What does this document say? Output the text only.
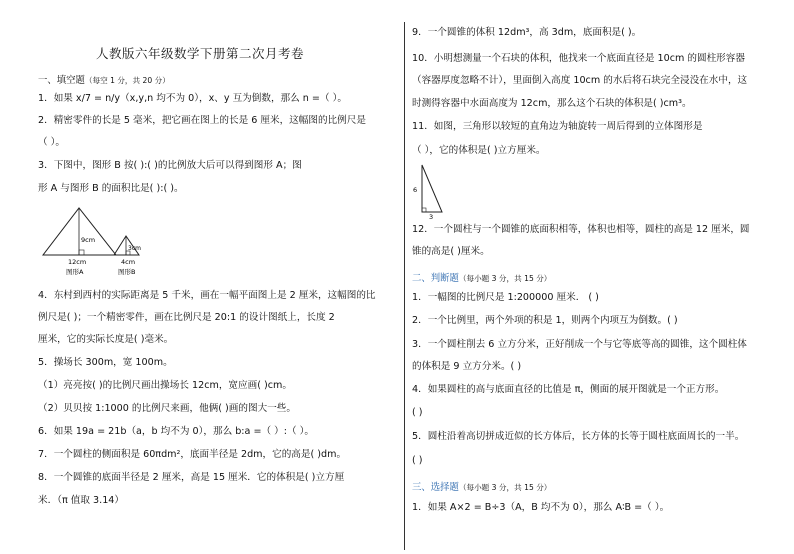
人教版六年级数学下册第二次月考卷
一、填空题（每空 1 分，共 20 分）
1．如果 x/7 = n/y（x,y,n 均不为 0），x、y 互为倒数，那么 n =（ ）。
2．精密零件的长是 5 毫米，把它画在图上的长是 6 厘米，这幅图的比例尺是
（ ）。
3．下图中，图形 B 按( ):( )的比例放大后可以得到图形 A；图
形 A 与图形 B 的面积比是( ):( )。
9cm
12cm
图形A
3cm
4cm
图形B
4．东村到西村的实际距离是 5 千米，画在一幅平面图上是 2 厘米，这幅图的比
例尺是( )；一个精密零件，画在比例尺是 20:1 的设计图纸上，长度 2
厘米，它的实际长度是( )毫米。
5．操场长 300m，宽 100m。
（1）亮亮按( )的比例尺画出操场长 12cm，宽应画( )cm。
（2）贝贝按 1:1000 的比例尺来画，他俩( )画的图大一些。
6．如果 19a = 21b（a，b 均不为 0），那么 b:a =（ ）:（ ）。
7．一个圆柱的侧面积是 60πdm²，底面半径是 2dm，它的高是( )dm。
8．一个圆锥的底面半径是 2 厘米，高是 15 厘米．它的体积是( )立方厘
米．（π 值取 3.14）
9．一个圆锥的体积 12dm³，高 3dm，底面积是( )。
10．小明想测量一个石块的体积，他找来一个底面直径是 10cm 的圆柱形容器
（容器厚度忽略不计），里面倒入高度 10cm 的水后将石块完全浸没在水中，这
时测得容器中水面高度为 12cm，那么这个石块的体积是( )cm³。
11．如图，三角形以较短的直角边为轴旋转一周后得到的立体图形是
（ ），它的体积是( )立方厘米。
6
3
12．一个圆柱与一个圆锥的底面积相等，体积也相等，圆柱的高是 12 厘米，圆
锥的高是( )厘米。
二、判断题（每小题 3 分，共 15 分）
1．一幅图的比例尺是 1:200000 厘米． ( )
2．一个比例里，两个外项的积是 1，则两个内项互为倒数。( )
3．一个圆柱削去 6 立方分米，正好削成一个与它等底等高的圆锥，这个圆柱体
的体积是 9 立方分米。( )
4．如果圆柱的高与底面直径的比值是 π，侧面的展开图就是一个正方形。
( )
5．圆柱沿着高切拼成近似的长方体后，长方体的长等于圆柱底面周长的一半。
( )
三、选择题（每小题 3 分，共 15 分）
1．如果 A×2 = B÷3（A，B 均不为 0），那么 A∶B =（ ）。
